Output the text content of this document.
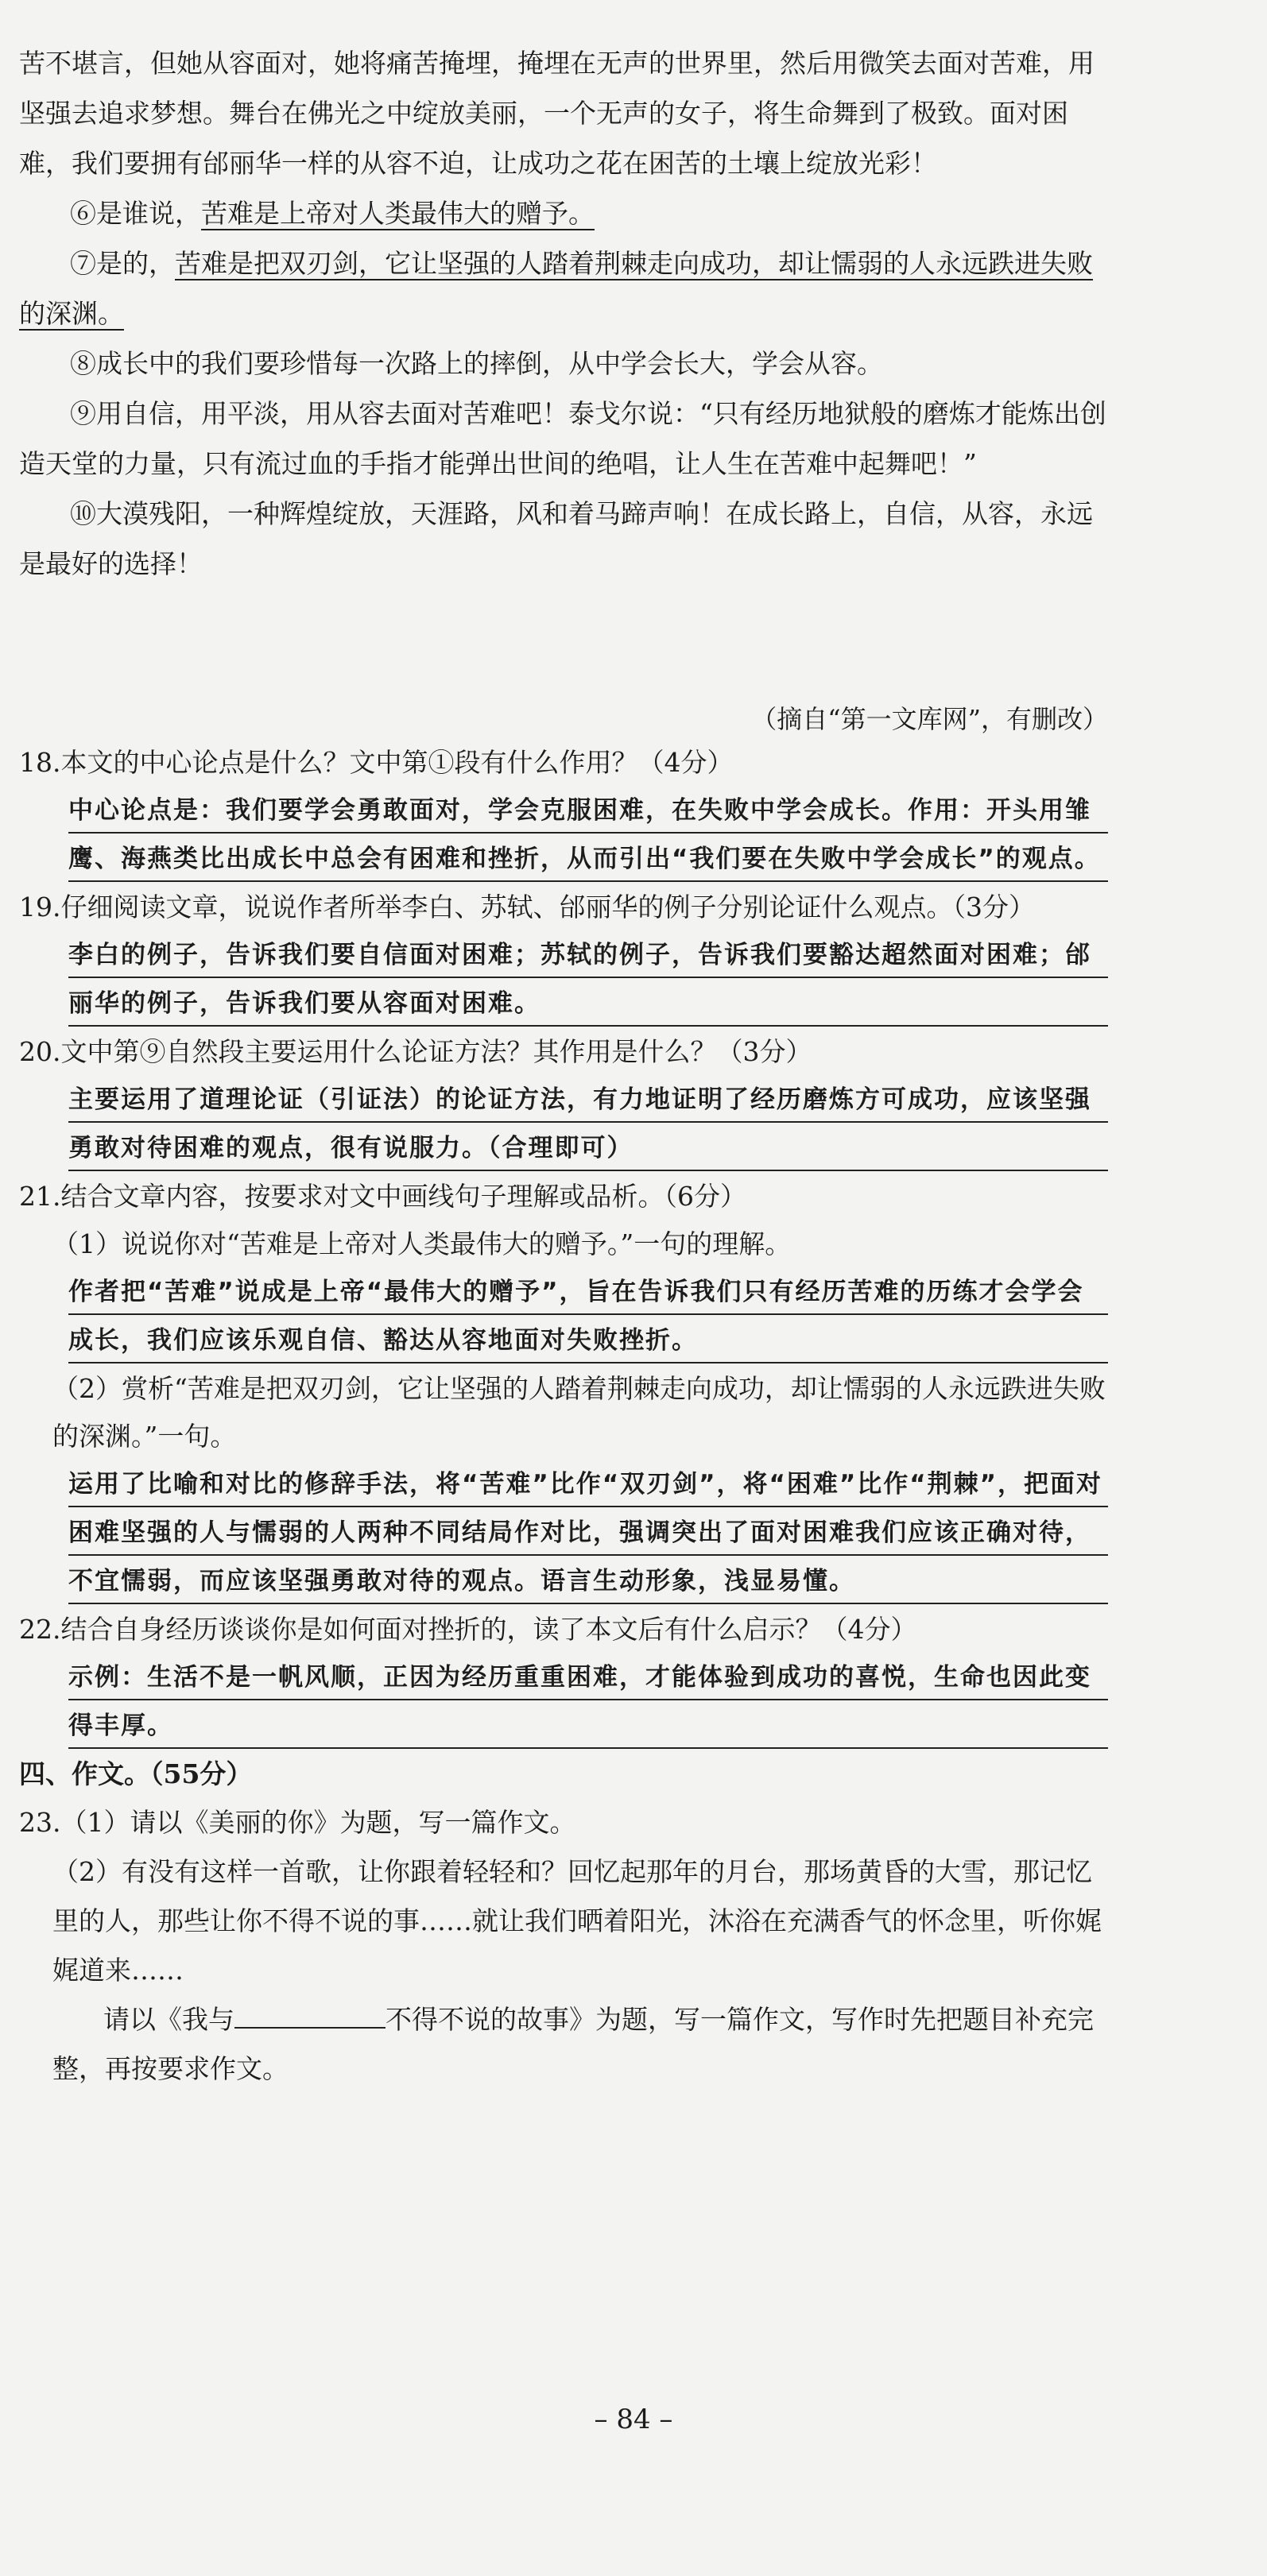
苦不堪言，但她从容面对，她将痛苦掩埋，掩埋在无声的世界里，然后用微笑去面对苦难，用坚强去追求梦想。舞台在佛光之中绽放美丽，一个无声的女子，将生命舞到了极致。面对困难，我们要拥有邰丽华一样的从容不迫，让成功之花在困苦的土壤上绽放光彩！

⑥是谁说，苦难是上帝对人类最伟大的赠予。

⑦是的，苦难是把双刃剑，它让坚强的人踏着荆棘走向成功，却让懦弱的人永远跌进失败的深渊。

⑧成长中的我们要珍惜每一次路上的摔倒，从中学会长大，学会从容。

⑨用自信，用平淡，用从容去面对苦难吧！泰戈尔说：“只有经历地狱般的磨炼才能炼出创造天堂的力量，只有流过血的手指才能弹出世间的绝唱，让人生在苦难中起舞吧！”

⑩大漠残阳，一种辉煌绽放，天涯路，风和着马蹄声响！在成长路上，自信，从容，永远是最好的选择！

（摘自“第一文库网”，有删改）

18.本文的中心论点是什么？文中第①段有什么作用？（4分）

中心论点是：我们要学会勇敢面对，学会克服困难，在失败中学会成长。作用：开头用雏鹰、海燕类比出成长中总会有困难和挫折，从而引出“我们要在失败中学会成长”的观点。

19.仔细阅读文章，说说作者所举李白、苏轼、邰丽华的例子分别论证什么观点。（3分）

李白的例子，告诉我们要自信面对困难；苏轼的例子，告诉我们要豁达超然面对困难；邰丽华的例子，告诉我们要从容面对困难。

20.文中第⑨自然段主要运用什么论证方法？其作用是什么？（3分）

主要运用了道理论证（引证法）的论证方法，有力地证明了经历磨炼方可成功，应该坚强勇敢对待困难的观点，很有说服力。（合理即可）

21.结合文章内容，按要求对文中画线句子理解或品析。（6分）

（1）说说你对“苦难是上帝对人类最伟大的赠予。”一句的理解。

作者把“苦难”说成是上帝“最伟大的赠予”，旨在告诉我们只有经历苦难的历练才会学会成长，我们应该乐观自信、豁达从容地面对失败挫折。

（2）赏析“苦难是把双刃剑，它让坚强的人踏着荆棘走向成功，却让懦弱的人永远跌进失败的深渊。”一句。

运用了比喻和对比的修辞手法，将“苦难”比作“双刃剑”，将“困难”比作“荆棘”，把面对困难坚强的人与懦弱的人两种不同结局作对比，强调突出了面对困难我们应该正确对待，不宜懦弱，而应该坚强勇敢对待的观点。语言生动形象，浅显易懂。

22.结合自身经历谈谈你是如何面对挫折的，读了本文后有什么启示？（4分）

示例：生活不是一帆风顺，正因为经历重重困难，才能体验到成功的喜悦，生命也因此变得丰厚。

四、作文。（55分）

23.（1）请以《美丽的你》为题，写一篇作文。

（2）有没有这样一首歌，让你跟着轻轻和？回忆起那年的月台，那场黄昏的大雪，那记忆里的人，那些让你不得不说的事……就让我们晒着阳光，沐浴在充满香气的怀念里，听你娓娓道来……

请以《我与	不得不说的故事》为题，写一篇作文，写作时先把题目补充完整，再按要求作文。

– 84 –
